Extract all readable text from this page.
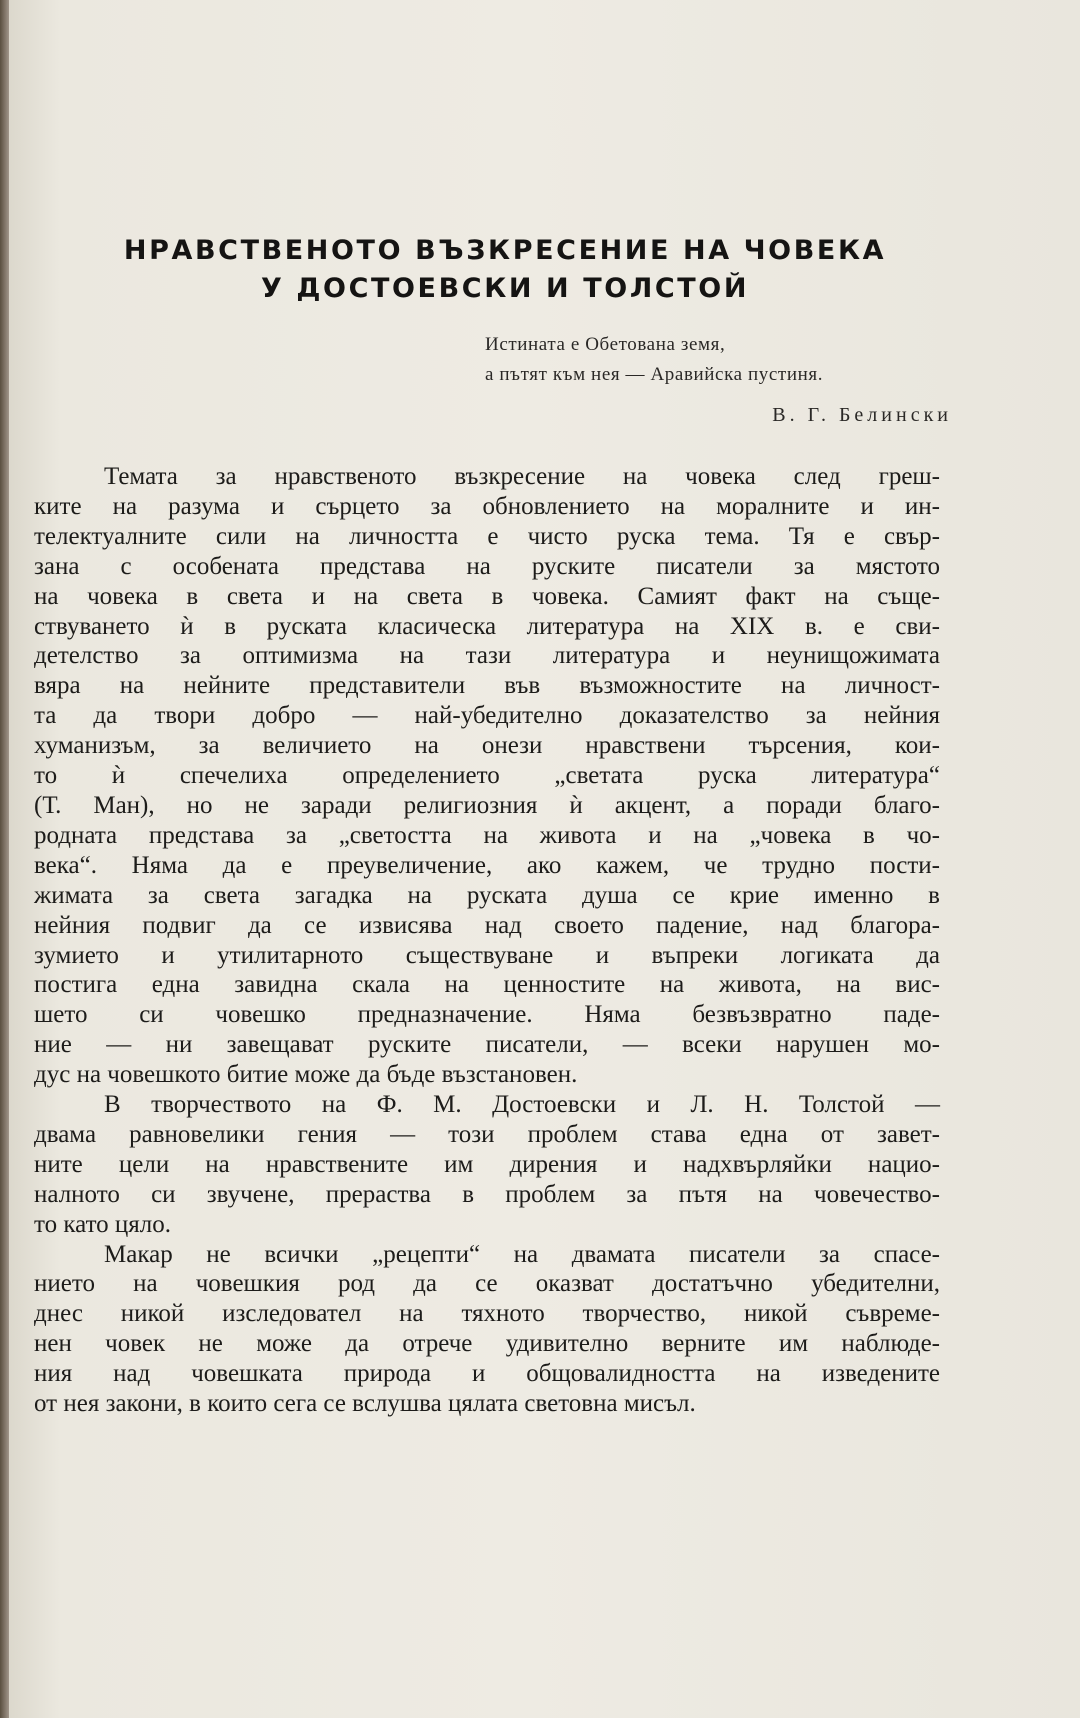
НРАВСТВЕНОТО ВЪЗКРЕСЕНИЕ НА ЧОВЕКА
У ДОСТОЕВСКИ И ТОЛСТОЙ
Истината е Обетована земя,
а пътят към нея — Аравийска пустиня.
В. Г. Белински
Темата за нравственото възкресение на човека след греш-
ките на разума и сърцето за обновлението на моралните и ин-
телектуалните сили на личността е чисто руска тема. Тя е свър-
зана с особената представа на руските писатели за мястото
на човека в света и на света в човека. Самият факт на съще-
ствуването ѝ в руската класическа литература на XIX в. е сви-
детелство за оптимизма на тази литература и неунищожимата
вяра на нейните представители във възможностите на личност-
та да твори добро — най-убедително доказателство за нейния
хуманизъм, за величието на онези нравствени търсения, кои-
то ѝ спечелиха определението „светата руска литература“
(Т. Ман), но не заради религиозния ѝ акцент, а поради благо-
родната представа за „светостта на живота и на „човека в чо-
века“. Няма да е преувеличение, ако кажем, че трудно пости-
жимата за света загадка на руската душа се крие именно в
нейния подвиг да се извисява над своето падение, над благора-
зумието и утилитарното съществуване и въпреки логиката да
постига една завидна скала на ценностите на живота, на вис-
шето си човешко предназначение. Няма безвъзвратно паде-
ние — ни завещават руските писатели, — всеки нарушен мо-
дус на човешкото битие може да бъде възстановен.
В творчеството на Ф. М. Достоевски и Л. Н. Толстой —
двама равновелики гения — този проблем става една от завет-
ните цели на нравствените им дирения и надхвърляйки нацио-
налното си звучене, прераства в проблем за пътя на човечество-
то като цяло.
Макар не всички „рецепти“ на двамата писатели за спасе-
нието на човешкия род да се оказват достатъчно убедителни,
днес никой изследовател на тяхното творчество, никой съвреме-
нен човек не може да отрече удивително верните им наблюде-
ния над човешката природа и общовалидността на изведените
от нея закони, в които сега се вслушва цялата световна мисъл.
